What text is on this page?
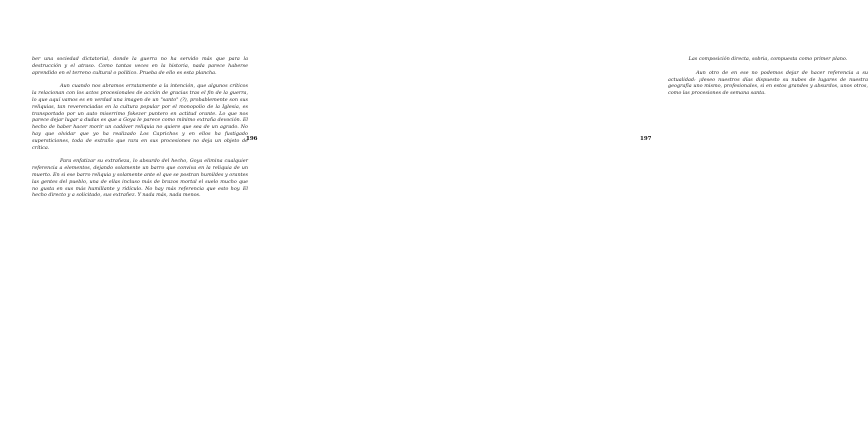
ber una sociedad dictatorial, donde la guerra no ha servido más que para la destrucción y el atraso. Como tantas veces en la historia, nada parece haberse aprendido en el terreno cultural o político. Prueba de ello es esta plancha.

Aun cuando nos abramos erratamente a la intención, que algunos críticos la relacionan con los actos procesionales de acción de gracias tras el fin de la guerra, lo que aquí vamos es en verdad una imagen de un "santo" (?), probablemente son sus reliquias, tan reverenciadas en la cultura popular por el monopolio de la Iglesia, es transportado por un auto miserrimo fokezer puntero en actitud orante. Lo que nos parece dejar lugar a dudas es que a Goya le parece como mínimo extraña devoción. El hecho de haber hacer morir un cadáver reliquia no quiere que sea de un agrado. No hay que olvidar que yo ha realizado Los Caprichos y en ellos ha fustigado supersticiones, toda de extraño que rara en sus procesiones no deja un objeto de crítica.

Para enfatizar su extrañeza, lo absurdo del hecho, Goya elimina cualquier referencia a elementos, dejando solamente un barro que conviva en la reliquia de un muerto. En si ese barro reliquia y solamente ante el que se postran humildes y orantes las gentes del pueblo, una de ellas incluso más de brazos mortal el suelo mucho que no gusta en sus más humillante y ridículo. No hay más referencia que esto hoy. El hecho directo y a solicitado, sus extrañez. Y nada más, nada menos.

196	197

Las composición directa, sobria, compuesta como primer plano.

Aun otro de en ese no podemos dejar de hacer referencia a su actualidad: ¡deseo nuestros días dispuesto su nubes de lugares de nuestra geografía uno mismo, profesionales, si en estos grandes y absurdos, unos otros, como las procesiones de semana santa.
